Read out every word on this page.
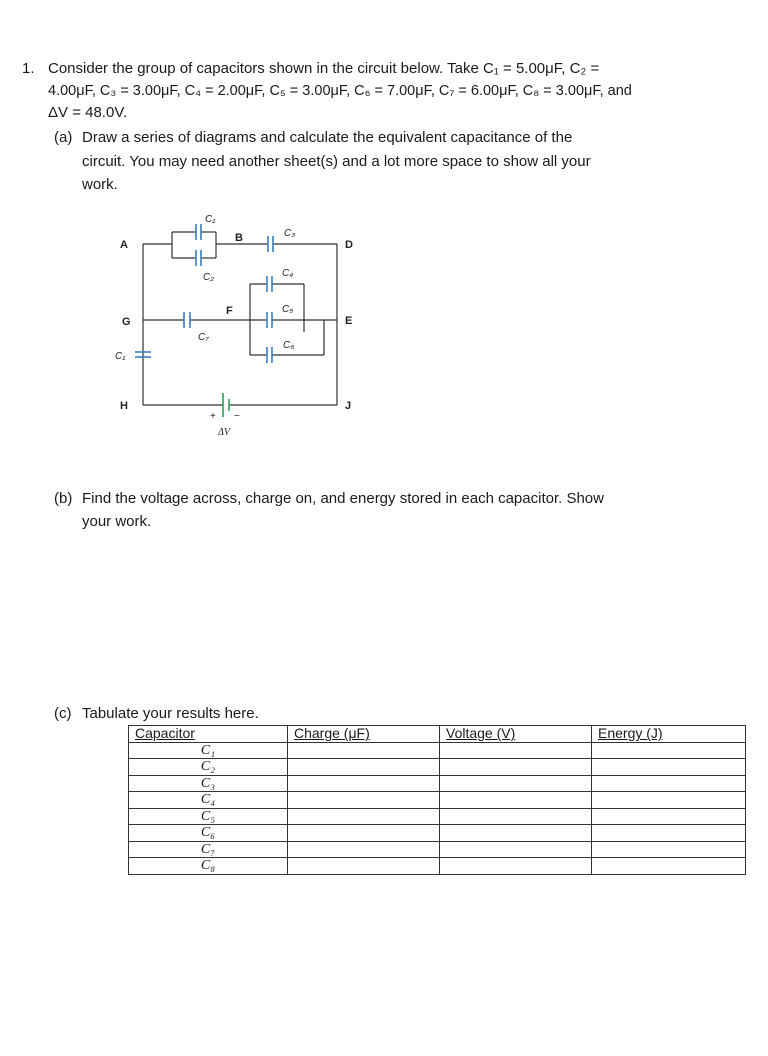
1. Consider the group of capacitors shown in the circuit below. Take C₁ = 5.00μF, C₂ =
4.00μF, C₃ = 3.00μF, C₄ = 2.00μF, C₅ = 3.00μF, C₆ = 7.00μF, C₇ = 6.00μF, C₈ = 3.00μF, and
ΔV = 48.0V.
(a) Draw a series of diagrams and calculate the equivalent capacitance of the
circuit. You may need another sheet(s) and a lot more space to show all your
work.
A
B
D
G
F
E
H	J
C₁
C₂
C₃
C₄
C₅
C₆
C₇
C₁
+ −
ΔV
(b) Find the voltage across, charge on, and energy stored in each capacitor. Show
your work.
(c) Tabulate your results here.
Capacitor	Charge (μF)	Voltage (V)	Energy (J)
C₁			
C₂			
C₃			
C₄			
C₅			
C₆			
C₇			
C₈			
